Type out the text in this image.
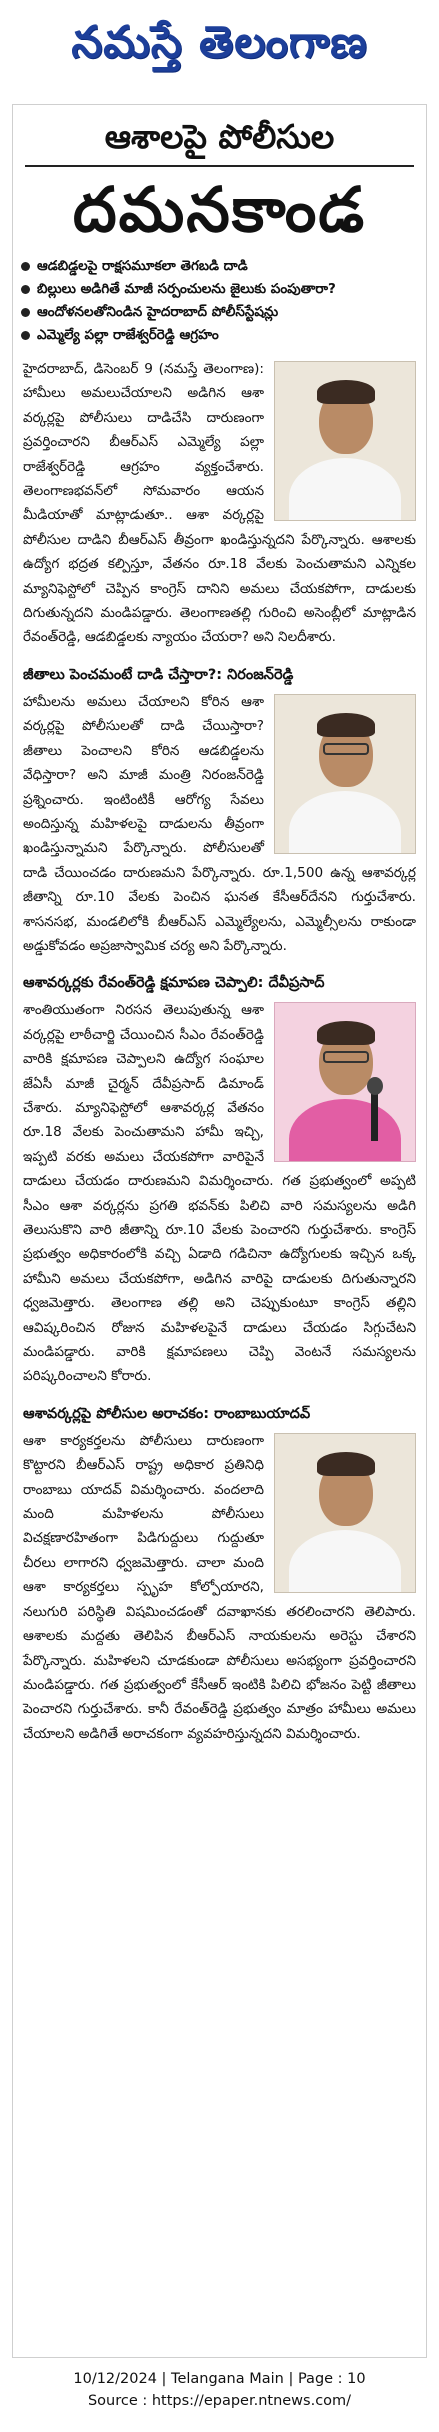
నమస్తే తెలంగాణ
ఆశాలపై పోలీసుల
దమనకాండ
ఆడబిడ్డలపై రాక్షసమూకలా తెగబడి దాడి
బిల్లులు అడిగితే మాజీ సర్పంచులను జైలుకు పంపుతారా?
ఆందోళనలతోనిండిన హైదరాబాద్ పోలీస్‌స్టేషన్లు
ఎమ్మెల్యే పల్లా రాజేశ్వర్‌రెడ్డి ఆగ్రహం

హైదరాబాద్, డిసెంబర్ 9 (నమస్తే తెలంగాణ): హామీలు అమలుచేయాలని అడిగిన ఆశా వర్కర్లపై పోలీసులు దాడిచేసి దారుణంగా ప్రవర్తించారని బీఆర్‌ఎస్ ఎమ్మెల్యే పల్లా రాజేశ్వర్‌రెడ్డి ఆగ్రహం వ్యక్తంచేశారు. తెలంగాణభవన్‌లో సోమవారం ఆయన మీడియాతో మాట్లాడుతూ.. ఆశా వర్కర్లపై పోలీసుల దాడిని బీఆర్‌ఎస్ తీవ్రంగా ఖండిస్తున్నదని పేర్కొన్నారు. ఆశాలకు ఉద్యోగ భద్రత కల్పిస్తూ, వేతనం రూ.18 వేలకు పెంచుతామని ఎన్నికల మ్యానిఫెస్టోలో చెప్పిన కాంగ్రెస్ దానిని అమలు చేయకపోగా, దాడులకు దిగుతున్నదని మండిపడ్డారు. తెలంగాణతల్లి గురించి అసెంబ్లీలో మాట్లాడిన రేవంత్‌రెడ్డి, ఆడబిడ్డలకు న్యాయం చేయరా? అని నిలదీశారు.

జీతాలు పెంచమంటే దాడి చేస్తారా?: నిరంజన్‌రెడ్డి

హామీలను అమలు చేయాలని కోరిన ఆశా వర్కర్లపై పోలీసులతో దాడి చేయిస్తారా? జీతాలు పెంచాలని కోరిన ఆడబిడ్డలను వేధిస్తారా? అని మాజీ మంత్రి నిరంజన్‌రెడ్డి ప్రశ్నించారు. ఇంటింటికీ ఆరోగ్య సేవలు అందిస్తున్న మహిళలపై దాడులను తీవ్రంగా ఖండిస్తున్నామని పేర్కొన్నారు. పోలీసులతో దాడి చేయించడం దారుణమని పేర్కొన్నారు. రూ.1,500 ఉన్న ఆశావర్కర్ల జీతాన్ని రూ.10 వేలకు పెంచిన ఘనత కేసీఆర్‌దేనని గుర్తుచేశారు. శాసనసభ, మండలిలోకి బీఆర్‌ఎస్ ఎమ్మెల్యేలను, ఎమ్మెల్సీలను రాకుండా అడ్డుకోవడం అప్రజాస్వామిక చర్య అని పేర్కొన్నారు.

ఆశావర్కర్లకు రేవంత్‌రెడ్డి క్షమాపణ చెప్పాలి: దేవీప్రసాద్

శాంతియుతంగా నిరసన తెలుపుతున్న ఆశా వర్కర్లపై లాఠీచార్జి చేయించిన సీఎం రేవంత్‌రెడ్డి వారికి క్షమాపణ చెప్పాలని ఉద్యోగ సంఘాల జేఏసీ మాజీ చైర్మన్ దేవీప్రసాద్ డిమాండ్ చేశారు. మ్యానిఫెస్టోలో ఆశావర్కర్ల వేతనం రూ.18 వేలకు పెంచుతామని హామీ ఇచ్చి, ఇప్పటి వరకు అమలు చేయకపోగా వారిపైనే దాడులు చేయడం దారుణమని విమర్శించారు. గత ప్రభుత్వంలో అప్పటి సీఎం ఆశా వర్కర్లను ప్రగతి భవన్‌కు పిలిచి వారి సమస్యలను అడిగి తెలుసుకొని వారి జీతాన్ని రూ.10 వేలకు పెంచారని గుర్తుచేశారు. కాంగ్రెస్ ప్రభుత్వం అధికారంలోకి వచ్చి ఏడాది గడిచినా ఉద్యోగులకు ఇచ్చిన ఒక్క హామీని అమలు చేయకపోగా, అడిగిన వారిపై దాడులకు దిగుతున్నారని ధ్వజమెత్తారు. తెలంగాణ తల్లి అని చెప్పుకుంటూ కాంగ్రెస్ తల్లిని ఆవిష్కరించిన రోజున మహిళలపైనే దాడులు చేయడం సిగ్గుచేటని మండిపడ్డారు. వారికి క్షమాపణలు చెప్పి వెంటనే సమస్యలను పరిష్కరించాలని కోరారు.

ఆశావర్కర్లపై పోలీసుల అరాచకం: రాంబాబుయాదవ్

ఆశా కార్యకర్తలను పోలీసులు దారుణంగా కొట్టారని బీఆర్‌ఎస్ రాష్ట్ర అధికార ప్రతినిధి రాంబాబు యాదవ్ విమర్శించారు. వందలాది మంది మహిళలను పోలీసులు విచక్షణారహితంగా పిడిగుద్దులు గుద్దుతూ చీరలు లాగారని ధ్వజమెత్తారు. చాలా మంది ఆశా కార్యకర్తలు స్పృహ కోల్పోయారని, నలుగురి పరిస్థితి విషమించడంతో దవాఖానకు తరలించారని తెలిపారు. ఆశాలకు మద్దతు తెలిపిన బీఆర్‌ఎస్ నాయకులను అరెస్టు చేశారని పేర్కొన్నారు. మహిళలని చూడకుండా పోలీసులు అసభ్యంగా ప్రవర్తించారని మండిపడ్డారు. గత ప్రభుత్వంలో కేసీఆర్ ఇంటికి పిలిచి భోజనం పెట్టి జీతాలు పెంచారని గుర్తుచేశారు. కానీ రేవంత్‌రెడ్డి ప్రభుత్వం మాత్రం హామీలు అమలు చేయాలని అడిగితే అరాచకంగా వ్యవహరిస్తున్నదని విమర్శించారు.

10/12/2024 | Telangana Main | Page : 10
Source : https://epaper.ntnews.com/
